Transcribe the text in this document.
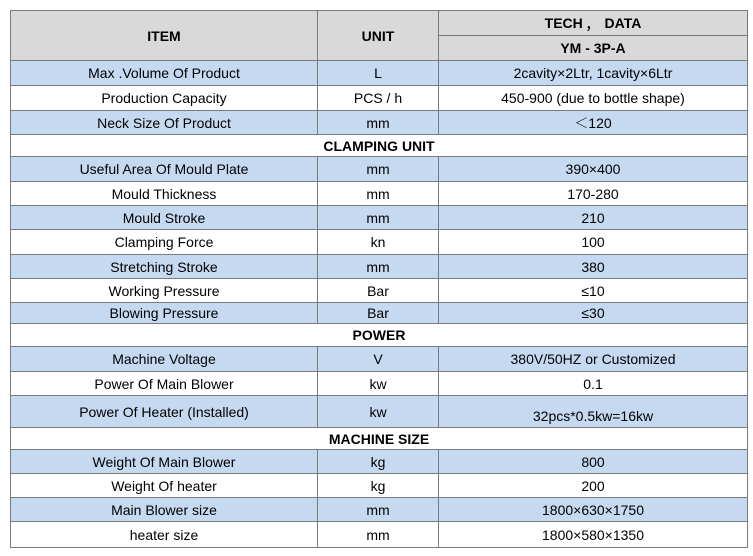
ITEM	UNIT	TECH ， DATA
		YM - 3P-A
Max .Volume Of Product	L	2cavity×2Ltr, 1cavity×6Ltr
Production Capacity	PCS / h	450-900 (due to bottle shape)
Neck Size Of Product	mm	＜120
CLAMPING UNIT		
Useful Area Of Mould Plate	mm	390×400
Mould Thickness	mm	170-280
Mould Stroke	mm	210
Clamping Force	kn	100
Stretching Stroke	mm	380
Working Pressure	Bar	≤10
Blowing Pressure	Bar	≤30
POWER		
Machine Voltage	V	380V/50HZ or Customized
Power Of Main Blower	kw	0.1
Power Of Heater (Installed)	kw	32pcs*0.5kw=16kw
MACHINE SIZE		
Weight Of Main Blower	kg	800
Weight Of heater	kg	200
Main Blower size	mm	1800×630×1750
heater size	mm	1800×580×1350
